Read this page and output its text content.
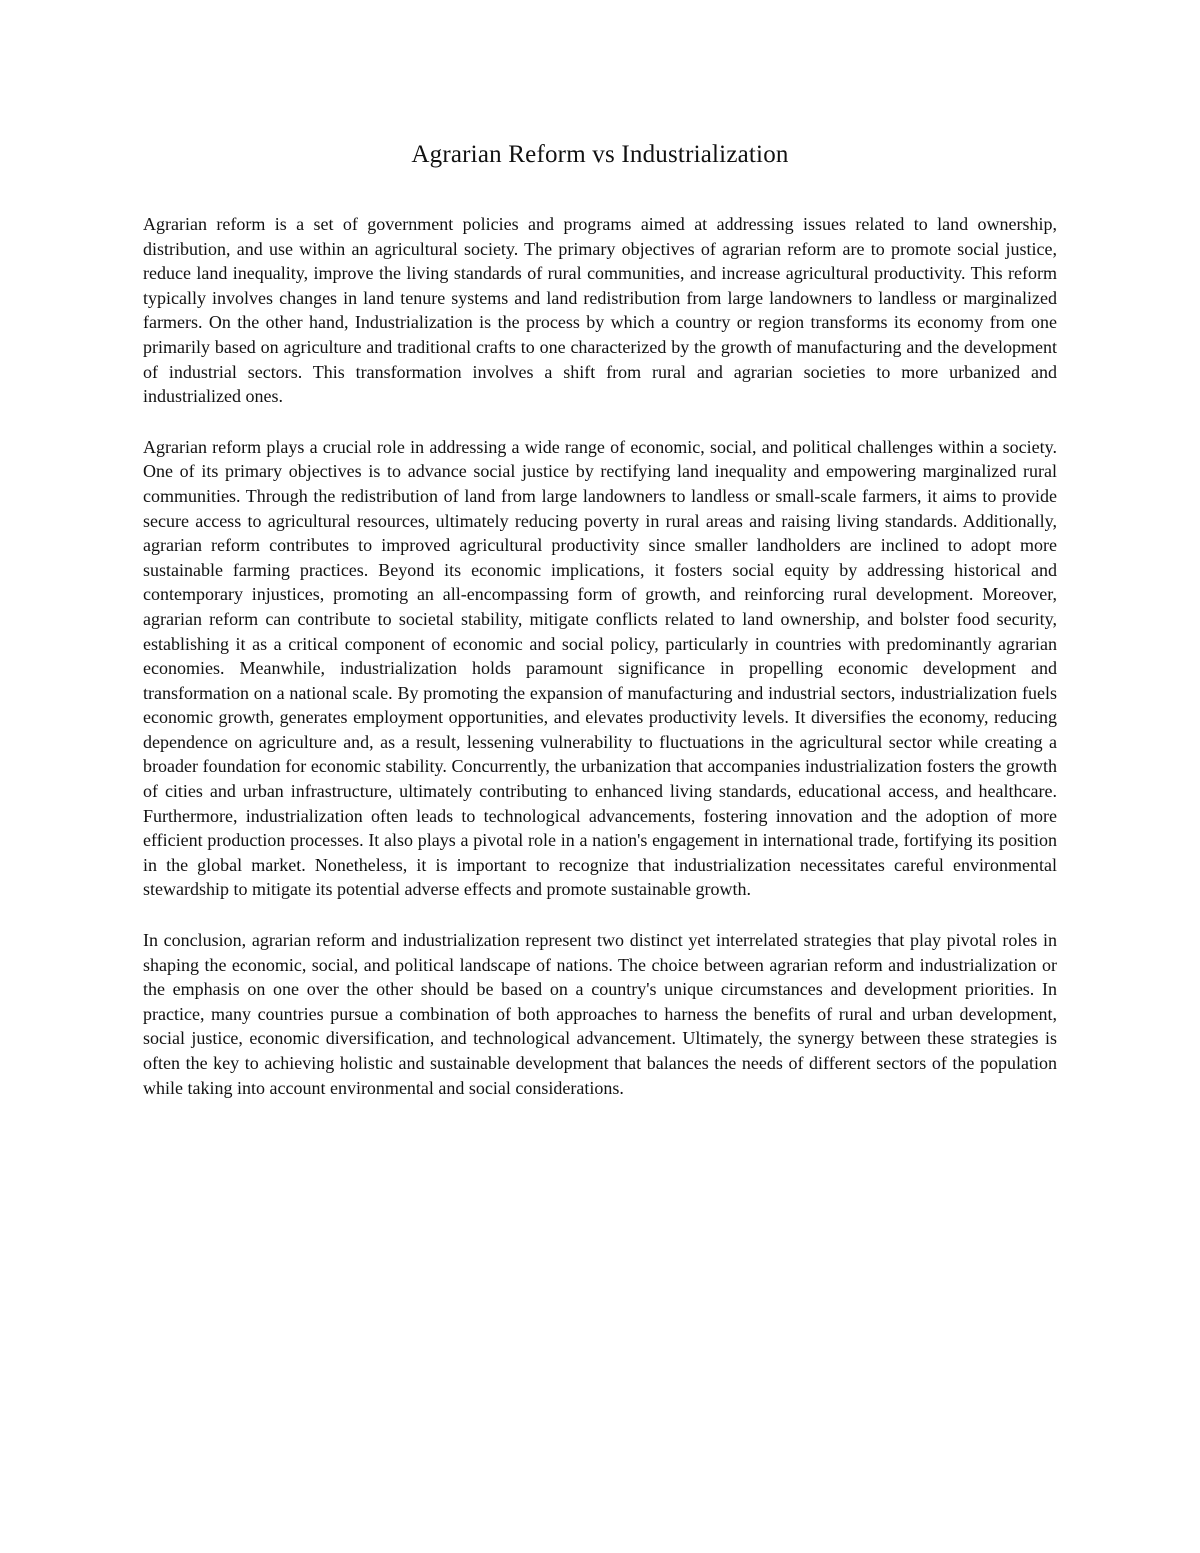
Agrarian Reform vs Industrialization

Agrarian reform is a set of government policies and programs aimed at addressing issues related to land ownership, distribution, and use within an agricultural society. The primary objectives of agrarian reform are to promote social justice, reduce land inequality, improve the living standards of rural communities, and increase agricultural productivity. This reform typically involves changes in land tenure systems and land redistribution from large landowners to landless or marginalized farmers. On the other hand, Industrialization is the process by which a country or region transforms its economy from one primarily based on agriculture and traditional crafts to one characterized by the growth of manufacturing and the development of industrial sectors. This transformation involves a shift from rural and agrarian societies to more urbanized and industrialized ones.

Agrarian reform plays a crucial role in addressing a wide range of economic, social, and political challenges within a society. One of its primary objectives is to advance social justice by rectifying land inequality and empowering marginalized rural communities. Through the redistribution of land from large landowners to landless or small-scale farmers, it aims to provide secure access to agricultural resources, ultimately reducing poverty in rural areas and raising living standards. Additionally, agrarian reform contributes to improved agricultural productivity since smaller landholders are inclined to adopt more sustainable farming practices. Beyond its economic implications, it fosters social equity by addressing historical and contemporary injustices, promoting an all-encompassing form of growth, and reinforcing rural development. Moreover, agrarian reform can contribute to societal stability, mitigate conflicts related to land ownership, and bolster food security, establishing it as a critical component of economic and social policy, particularly in countries with predominantly agrarian economies. Meanwhile, industrialization holds paramount significance in propelling economic development and transformation on a national scale. By promoting the expansion of manufacturing and industrial sectors, industrialization fuels economic growth, generates employment opportunities, and elevates productivity levels. It diversifies the economy, reducing dependence on agriculture and, as a result, lessening vulnerability to fluctuations in the agricultural sector while creating a broader foundation for economic stability. Concurrently, the urbanization that accompanies industrialization fosters the growth of cities and urban infrastructure, ultimately contributing to enhanced living standards, educational access, and healthcare. Furthermore, industrialization often leads to technological advancements, fostering innovation and the adoption of more efficient production processes. It also plays a pivotal role in a nation's engagement in international trade, fortifying its position in the global market. Nonetheless, it is important to recognize that industrialization necessitates careful environmental stewardship to mitigate its potential adverse effects and promote sustainable growth.

In conclusion, agrarian reform and industrialization represent two distinct yet interrelated strategies that play pivotal roles in shaping the economic, social, and political landscape of nations. The choice between agrarian reform and industrialization or the emphasis on one over the other should be based on a country's unique circumstances and development priorities. In practice, many countries pursue a combination of both approaches to harness the benefits of rural and urban development, social justice, economic diversification, and technological advancement. Ultimately, the synergy between these strategies is often the key to achieving holistic and sustainable development that balances the needs of different sectors of the population while taking into account environmental and social considerations.
